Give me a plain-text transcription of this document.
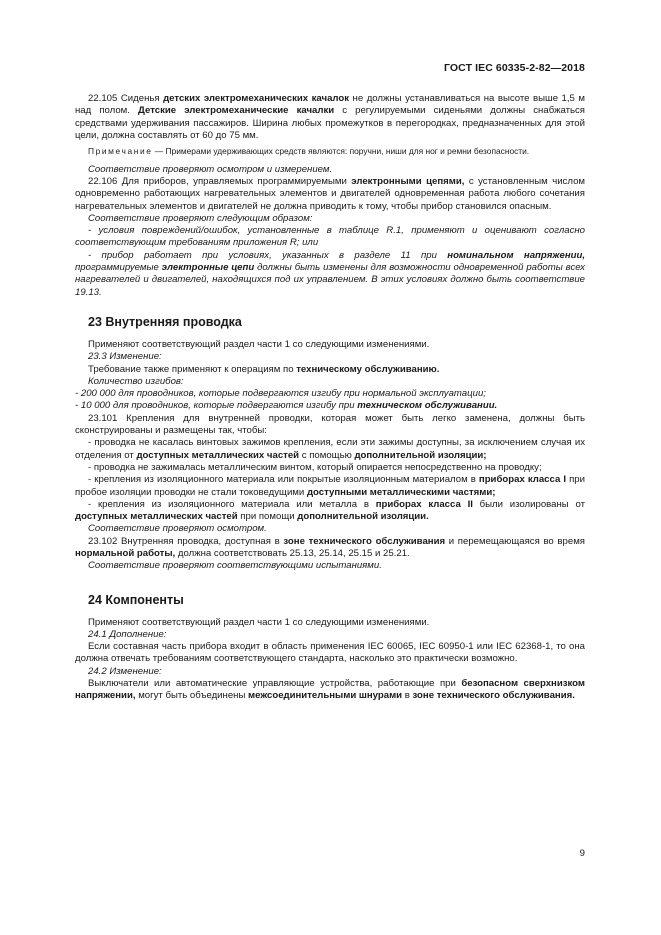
ГОСТ IEC 60335-2-82—2018

22.105 Сиденья детских электромеханических качалок не должны устанавливаться на высоте выше 1,5 м над полом. Детские электромеханические качалки с регулируемыми сиденьями должны снабжаться средствами удерживания пассажиров. Ширина любых промежутков в перегородках, предназначенных для этой цели, должна составлять от 60 до 75 мм.

Примечание — Примерами удерживающих средств являются: поручни, ниши для ног и ремни безопасности.

Соответствие проверяют осмотром и измерением.

22.106 Для приборов, управляемых программируемыми электронными цепями, с установленным числом одновременно работающих нагревательных элементов и двигателей одновременная работа любого сочетания нагревательных элементов и двигателей не должна приводить к тому, чтобы прибор становился опасным.

Соответствие проверяют следующим образом:

- условия повреждений/ошибок, установленные в таблице R.1, применяют и оценивают согласно соответствующим требованиям приложения R; или

- прибор работает при условиях, указанных в разделе 11 при номинальном напряжении, программируемые электронные цепи должны быть изменены для возможности одновременной работы всех нагревателей и двигателей, находящихся под их управлением. В этих условиях должно быть соответствие 19.13.

23 Внутренняя проводка

Применяют соответствующий раздел части 1 со следующими изменениями.

23.3 Изменение:

Требование также применяют к операциям по техническому обслуживанию.

Количество изгибов:

- 200 000 для проводников, которые подвергаются изгибу при нормальной эксплуатации;

- 10 000 для проводников, которые подвергаются изгибу при техническом обслуживании.

23.101 Крепления для внутренней проводки, которая может быть легко заменена, должны быть сконструированы и размещены так, чтобы:

- проводка не касалась винтовых зажимов крепления, если эти зажимы доступны, за исключением случая их отделения от доступных металлических частей с помощью дополнительной изоляции;

- проводка не зажималась металлическим винтом, который опирается непосредственно на проводку;

- крепления из изоляционного материала или покрытые изоляционным материалом в приборах класса I при пробое изоляции проводки не стали токоведущими доступными металлическими частями;

- крепления из изоляционного материала или металла в приборах класса II были изолированы от доступных металлических частей при помощи дополнительной изоляции.

Соответствие проверяют осмотром.

23.102 Внутренняя проводка, доступная в зоне технического обслуживания и перемещающаяся во время нормальной работы, должна соответствовать 25.13, 25.14, 25.15 и 25.21.

Соответствие проверяют соответствующими испытаниями.

24 Компоненты

Применяют соответствующий раздел части 1 со следующими изменениями.

24.1 Дополнение:

Если составная часть прибора входит в область применения IEC 60065, IEC 60950-1 или IEC 62368-1, то она должна отвечать требованиям соответствующего стандарта, насколько это практически возможно.

24.2 Изменение:

Выключатели или автоматические управляющие устройства, работающие при безопасном сверхнизком напряжении, могут быть объединены межсоединительными шнурами в зоне технического обслуживания.

9
